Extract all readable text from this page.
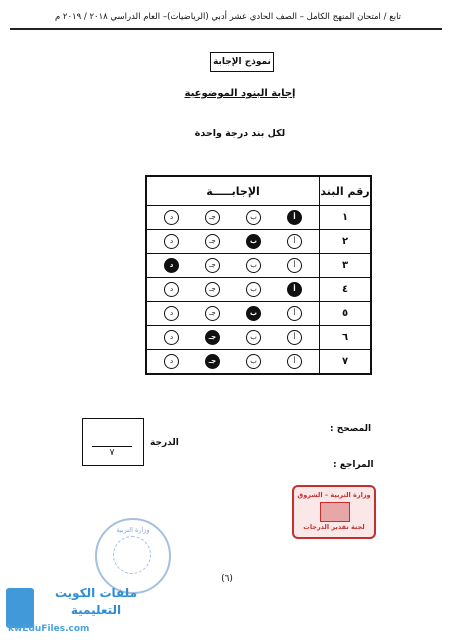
تابع / امتحان المنهج الكامل – الصف الحادي عشر أدبي (الرياضيات)– العام الدراسي ٢٠١٨ / ٢٠١٩ م
نموذج الإجابة
إجابة البنود الموضوعية
لكل بند درجة واحدة
رقم البند	الإجابـــــة
١	أ
ب
جـ
د

٢	أ
ب
جـ
د

٣	أ
ب
جـ
د

٤	أ
ب
جـ
د

٥	أ
ب
جـ
د

٦	أ
ب
جـ
د

٧	أ
ب
جـ
د
المصحح :
المراجع :
٧
الدرجة
وزارة التربية – الشروق
لجنة تقدير الدرجات
وزارة التربية
(٦)
ملفات الكويت
التعليمية
kwEduFiles.com
